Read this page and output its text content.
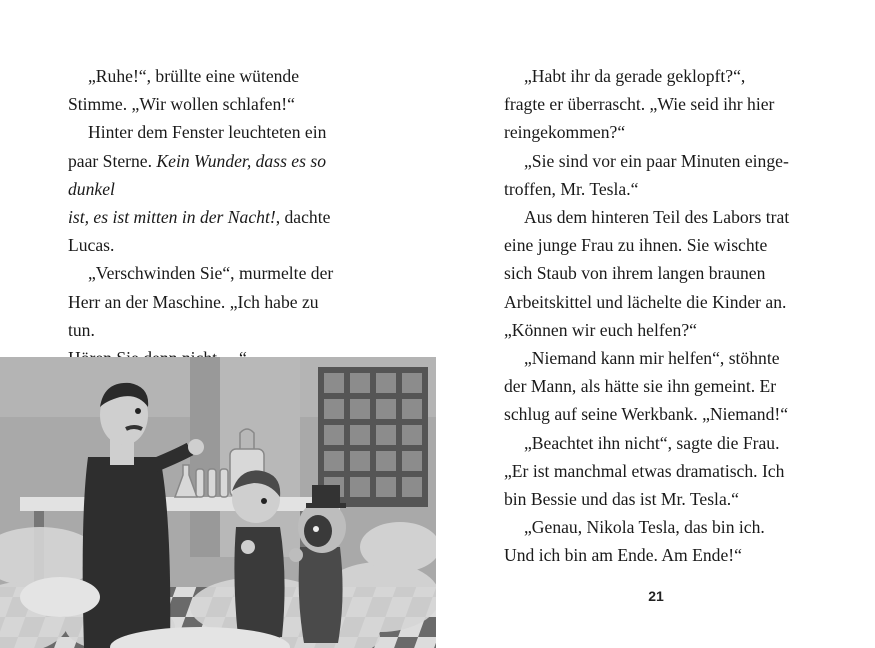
„Ruhe!“, brüllte eine wütende
Stimme. „Wir wollen schlafen!“

Hinter dem Fenster leuchteten ein
paar Sterne. Kein Wunder, dass es so dunkel
ist, es ist mitten in der Nacht!, dachte Lucas.

„Verschwinden Sie“, murmelte der
Herr an der Maschine. „Ich habe zu tun.

„Habt ihr da gerade geklopft?“,
fragte er überrascht. „Wie seid ihr hier
reingekommen?“

„Sie sind vor ein paar Minuten einge-
troffen, Mr. Tesla.“

Aus dem hinteren Teil des Labors trat
eine junge Frau zu ihnen. Sie wischte
sich Staub von ihrem langen braunen
Arbeitskittel und lächelte die Kinder an.
„Können wir euch helfen?“

„Niemand kann mir helfen“, stöhnte
der Mann, als hätte sie ihn gemeint. Er
schlug auf seine Werkbank. „Niemand!“

„Beachtet ihn nicht“, sagte die Frau.
„Er ist manchmal etwas dramatisch. Ich
bin Bessie und das ist Mr. Tesla.“

„Genau, Nikola Tesla, das bin ich.
Und ich bin am Ende. Am Ende!“

21
